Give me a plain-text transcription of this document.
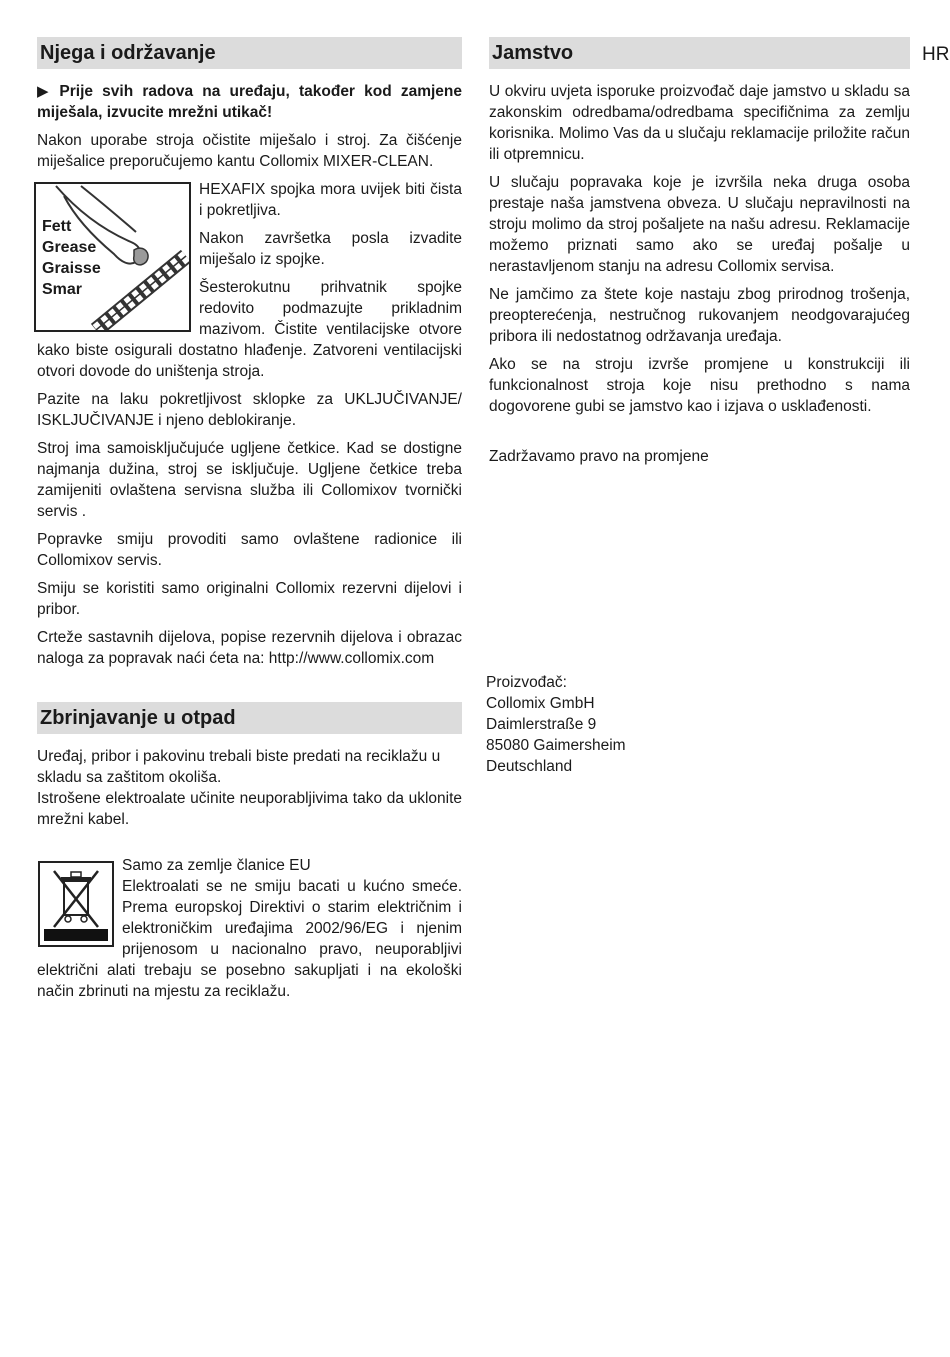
HR
Njega i održavanje

▶ Prije svih radova na uređaju, također kod zamjene miješala, izvucite mrežni utikač!

Nakon uporabe stroja očistite miješalo i stroj. Za čišćenje miješalice preporučujemo kantu Collomix MIXER-CLEAN.

Fett
Grease
Graisse
Smar

HEXAFIX spojka mora uvijek biti čista i pokretljiva.

Nakon završetka posla izvadite miješalo iz spojke.

Šesterokutnu prihvatnik spojke redovito podmazujte prikladnim mazivom. Čistite ventilacijske otvore kako biste osigurali dostatno hlađenje. Zatvoreni ventilacijski otvori dovode do uništenja stroja.

Pazite na laku pokretljivost sklopke za UKLJUČIVANJE/ ISKLJUČIVANJE i njeno deblokiranje.

Stroj ima samoisključujuće ugljene četkice. Kad se dostigne najmanja dužina, stroj se isključuje. Ugljene četkice treba zamijeniti ovlaštena servisna služba ili Collomixov tvornički servis .

Popravke smiju provoditi samo ovlaštene radionice ili Collomixov servis.

Smiju se koristiti samo originalni Collomix rezervni dijelovi i pribor.

Crteže sastavnih dijelova, popise rezervnih dijelova i obrazac naloga za popravak naći ćeta na: http://www.collomix.com

Zbrinjavanje u otpad

Uređaj, pribor i pakovinu trebali biste predati na reciklažu u skladu sa zaštitom okoliša.

Istrošene elektroalate učinite neuporabljivima tako da uklonite mrežni kabel.

Samo za zemlje članice EU

Elektroalati se ne smiju bacati u kućno smeće. Prema europskoj Direktivi o starim električnim i elektroničkim uređajima 2002/96/EG i njenim prijenosom u nacionalno pravo, neuporabljivi električni alati trebaju se posebno sakupljati i na ekološki način zbrinuti na mjestu za reciklažu.

Jamstvo

U okviru uvjeta isporuke proizvođač daje jamstvo u skladu sa zakonskim odredbama/odredbama specifičnima za zemlju korisnika. Molimo Vas da u slučaju reklamacije priložite račun ili otpremnicu.

U slučaju popravaka koje je izvršila neka druga osoba prestaje naša jamstvena obveza. U slučaju nepravilnosti na stroju molimo da stroj pošaljete na našu adresu. Reklamacije možemo priznati samo ako se uređaj pošalje u nerastavljenom stanju na adresu Collomix servisa.

Ne jamčimo za štete koje nastaju zbog prirodnog trošenja, preopterećenja, nestručnog rukovanjem neodgovarajućeg pribora ili nedostatnog održavanja uređaja.

Ako se na stroju izvrše promjene u konstrukciji ili funkcionalnost stroja koje nisu prethodno s nama dogovorene gubi se jamstvo kao i izjava o usklađenosti.

Zadržavamo pravo na promjene

Proizvođač:

Collomix GmbH

Daimlerstraße 9

85080 Gaimersheim

Deutschland
